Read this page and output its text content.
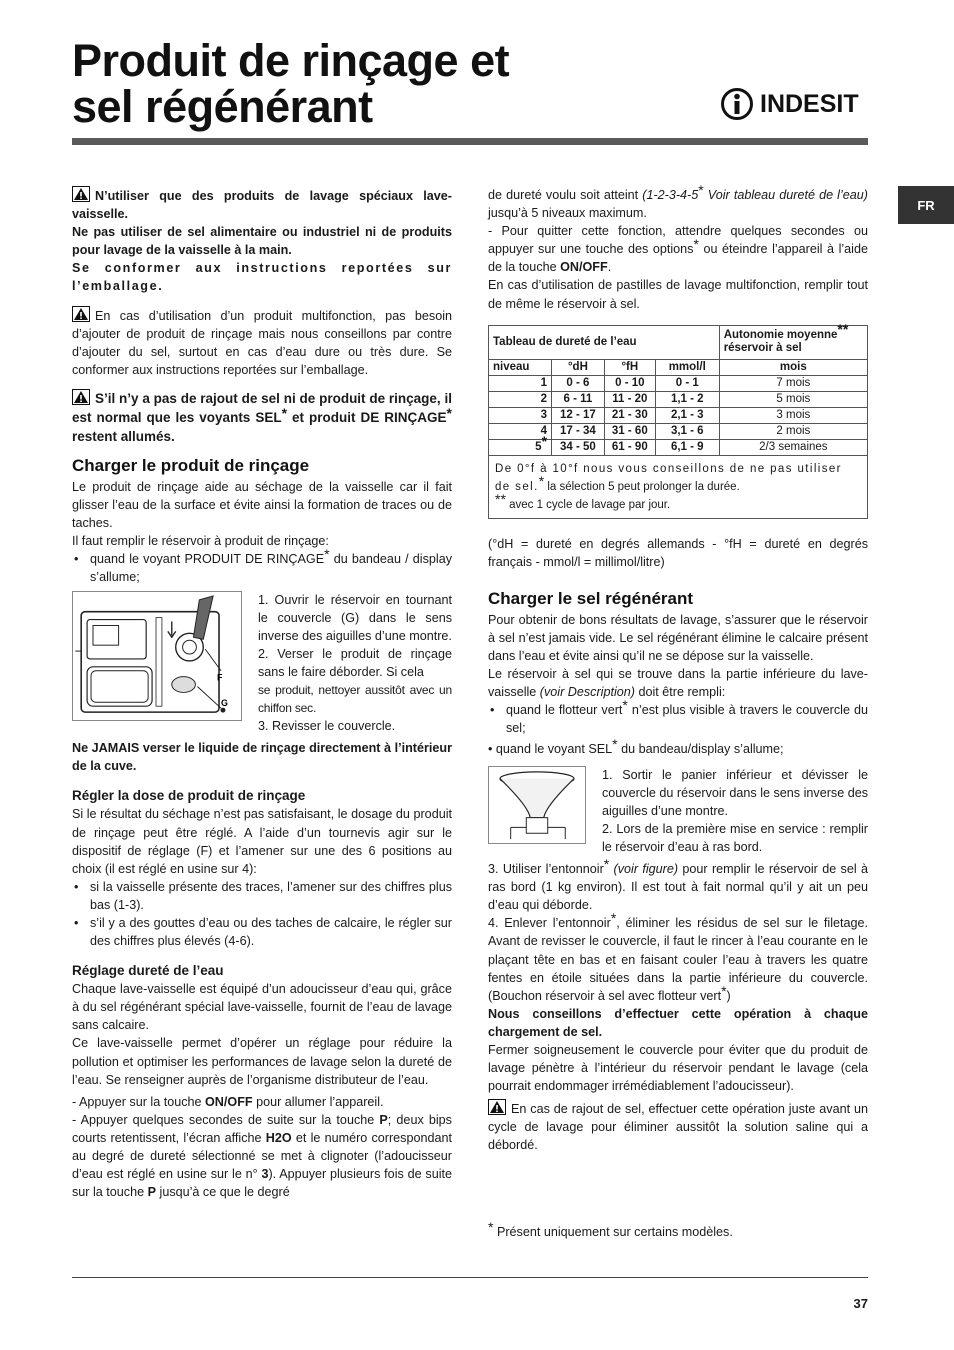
Produit de rinçage et
sel régénérant	INDESIT
FR

N’utiliser que des produits de lavage spéciaux lave-vaisselle.
Ne pas utiliser de sel alimentaire ou industriel ni de produits pour lavage de la vaisselle à la main.
Se conformer aux instructions reportées sur l’emballage.

En cas d’utilisation d’un produit multifonction, pas besoin d’ajouter de produit de rinçage mais nous conseillons par contre d’ajouter du sel, surtout en cas d’eau dure ou très dure. Se conformer aux instructions reportées sur l’emballage.

S’il n’y a pas de rajout de sel ni de produit de rinçage, il est normal que les voyants SEL* et produit DE RINÇAGE* restent allumés.

Charger le produit de rinçage

Le produit de rinçage aide au séchage de la vaisselle car il fait glisser l’eau de la surface et évite ainsi la formation de traces ou de taches.

Il faut remplir le réservoir à produit de rinçage:

• quand le voyant PRODUIT DE RINÇAGE* du bandeau / display s’allume;
F
G

1. Ouvrir le réservoir en tournant le couvercle (G) dans le sens inverse des aiguilles d’une montre.

2. Verser le produit de rinçage sans le faire déborder. Si cela

se produit, nettoyer aussitôt avec un chiffon sec.

3. Revisser le couvercle.

Ne JAMAIS verser le liquide de rinçage directement à l’intérieur de la cuve.

Régler la dose de produit de rinçage

Si le résultat du séchage n’est pas satisfaisant, le dosage du produit de rinçage peut être réglé. A l’aide d’un tournevis agir sur le dispositif de réglage (F) et l’amener sur une des 6 positions au choix (il est réglé en usine sur 4):

• si la vaisselle présente des traces, l’amener sur des chiffres plus bas (1-3).
• s’il y a des gouttes d’eau ou des taches de calcaire, le régler sur des chiffres plus élevés (4-6).
Réglage dureté de l’eau

Chaque lave-vaisselle est équipé d’un adoucisseur d’eau qui, grâce à du sel régénérant spécial lave-vaisselle, fournit de l’eau de lavage sans calcaire.

Ce lave-vaisselle permet d’opérer un réglage pour réduire la pollution et optimiser les performances de lavage selon la dureté de l’eau. Se renseigner auprès de l’organisme distributeur de l’eau.

- Appuyer sur la touche ON/OFF pour allumer l’appareil.

- Appuyer quelques secondes de suite sur la touche P; deux bips courts retentissent, l’écran affiche H2O et le numéro correspondant au degré de dureté sélectionné se met à clignoter (l’adoucisseur d’eau est réglé en usine sur le n° 3). Appuyer plusieurs fois de suite sur la touche P jusqu’à ce que le degré

de dureté voulu soit atteint (1-2-3-4-5* Voir tableau dureté de l’eau) jusqu’à 5 niveaux maximum.

- Pour quitter cette fonction, attendre quelques secondes ou appuyer sur une touche des options* ou éteindre l’appareil à l’aide de la touche ON/OFF.

En cas d’utilisation de pastilles de lavage multifonction, remplir tout de même le réservoir à sel.

Tableau de dureté de l’eau				Autonomie moyenne**
réservoir à sel
niveau	°dH	°fH	mmol/l	mois
1	0 - 6	0 - 10	0 - 1	7 mois
2	6 - 11	11 - 20	1,1 - 2	5 mois
3	12 - 17	21 - 30	2,1 - 3	3 mois
4	17 - 34	31 - 60	3,1 - 6	2 mois
5*	34 - 50	61 - 90	6,1 - 9	2/3 semaines
De 0°f à 10°f nous vous conseillons de ne pas utiliser de sel.* la sélection 5 peut prolonger la durée.
** avec 1 cycle de lavage par jour.				

(°dH = dureté en degrés allemands - °fH = dureté en degrés français - mmol/l = millimol/litre)

Charger le sel régénérant

Pour obtenir de bons résultats de lavage, s’assurer que le réservoir à sel n’est jamais vide. Le sel régénérant élimine le calcaire présent dans l’eau et évite ainsi qu’il ne se dépose sur la vaisselle.

Le réservoir à sel qui se trouve dans la partie inférieure du lave-vaisselle (voir Description) doit être rempli:

• quand le flotteur vert* n’est plus visible à travers le couvercle du sel;

• quand le voyant SEL* du bandeau/display s’allume;

1. Sortir le panier inférieur et dévisser le couvercle du réservoir dans le sens inverse des aiguilles d’une montre.

2. Lors de la première mise en service : remplir le réservoir d’eau à ras bord.

3. Utiliser l’entonnoir* (voir figure) pour remplir le réservoir de sel à ras bord (1 kg environ). Il est tout à fait normal qu’il y ait un peu d’eau qui déborde.

4. Enlever l’entonnoir*, éliminer les résidus de sel sur le filetage. Avant de revisser le couvercle, il faut le rincer à l’eau courante en le plaçant tête en bas et en faisant couler l’eau à travers les quatre fentes en étoile situées dans la partie inférieure du couvercle. (Bouchon réservoir à sel avec flotteur vert*)

Nous conseillons d’effectuer cette opération à chaque chargement de sel.

Fermer soigneusement le couvercle pour éviter que du produit de lavage pénètre à l’intérieur du réservoir pendant le lavage (cela pourrait endommager irrémédiablement l’adoucisseur).

En cas de rajout de sel, effectuer cette opération juste avant un cycle de lavage pour éliminer aussitôt la solution saline qui a débordé.

* Présent uniquement sur certains modèles.
37
